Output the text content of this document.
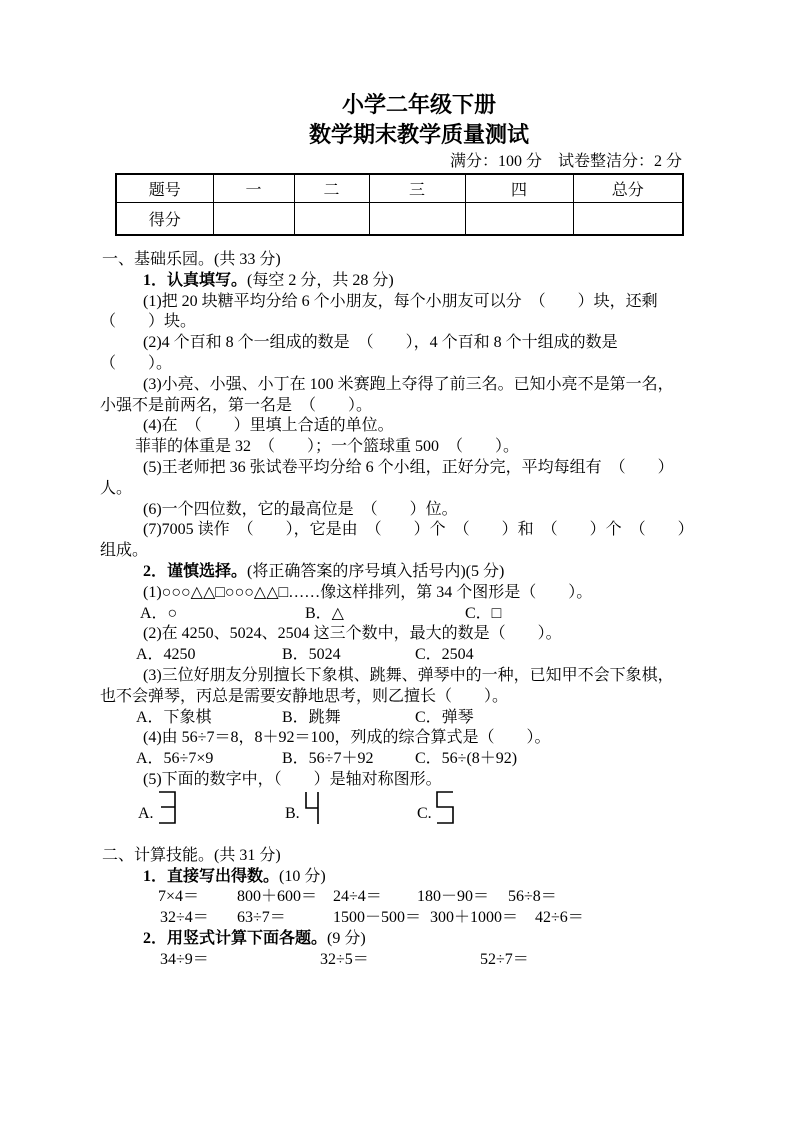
小学二年级下册
数学期末教学质量测试
满分：100 分　试卷整洁分：2 分
题号	一	二	三	四	总分
得分					
一、基础乐园。(共 33 分)
1．认真填写。(每空 2 分，共 28 分)
(1)把 20 块糖平均分给 6 个小朋友，每个小朋友可以分　（　　）块，还剩
（　　）块。
(2)4 个百和 8 个一组成的数是　（　　），4 个百和 8 个十组成的数是
（　　）。
(3)小亮、小强、小丁在 100 米赛跑上夺得了前三名。已知小亮不是第一名，
小强不是前两名，第一名是　（　　）。
(4)在　（　　）里填上合适的单位。
菲菲的体重是 32　（　　）；一个篮球重 500　（　　）。
(5)王老师把 36 张试卷平均分给 6 个小组，正好分完，平均每组有　（　　）
人。
(6)一个四位数，它的最高位是　（　　）位。
(7)7005 读作　（　　），它是由　（　　）个　（　　）和　（　　）个　（　　）
组成。
2．谨慎选择。(将正确答案的序号填入括号内)(5 分)
(1)○○○△△□○○○△△□……像这样排列，第 34 个图形是（　　）。
A．○	B．△	C．□
(2)在 4250、5024、2504 这三个数中，最大的数是（　　）。
A．4250	B．5024	C．2504
(3)三位好朋友分别擅长下象棋、跳舞、弹琴中的一种，已知甲不会下象棋，
也不会弹琴，丙总是需要安静地思考，则乙擅长（　　）。
A．下象棋	B．跳舞	C．弹琴
(4)由 56÷7＝8，8＋92＝100，列成的综合算式是（　　）。
A．56÷7×9	B．56÷7＋92	C．56÷(8＋92)
(5)下面的数字中，（　　）是轴对称图形。
A.	B.	C.
二、计算技能。(共 31 分)
1．直接写出得数。(10 分)
7×4＝ 800＋600＝ 24÷4＝ 180－90＝ 56÷8＝
32÷4＝ 63÷7＝	1500－500＝ 300＋1000＝ 42÷6＝
2．用竖式计算下面各题。(9 分)
34÷9＝	32÷5＝	52÷7＝
